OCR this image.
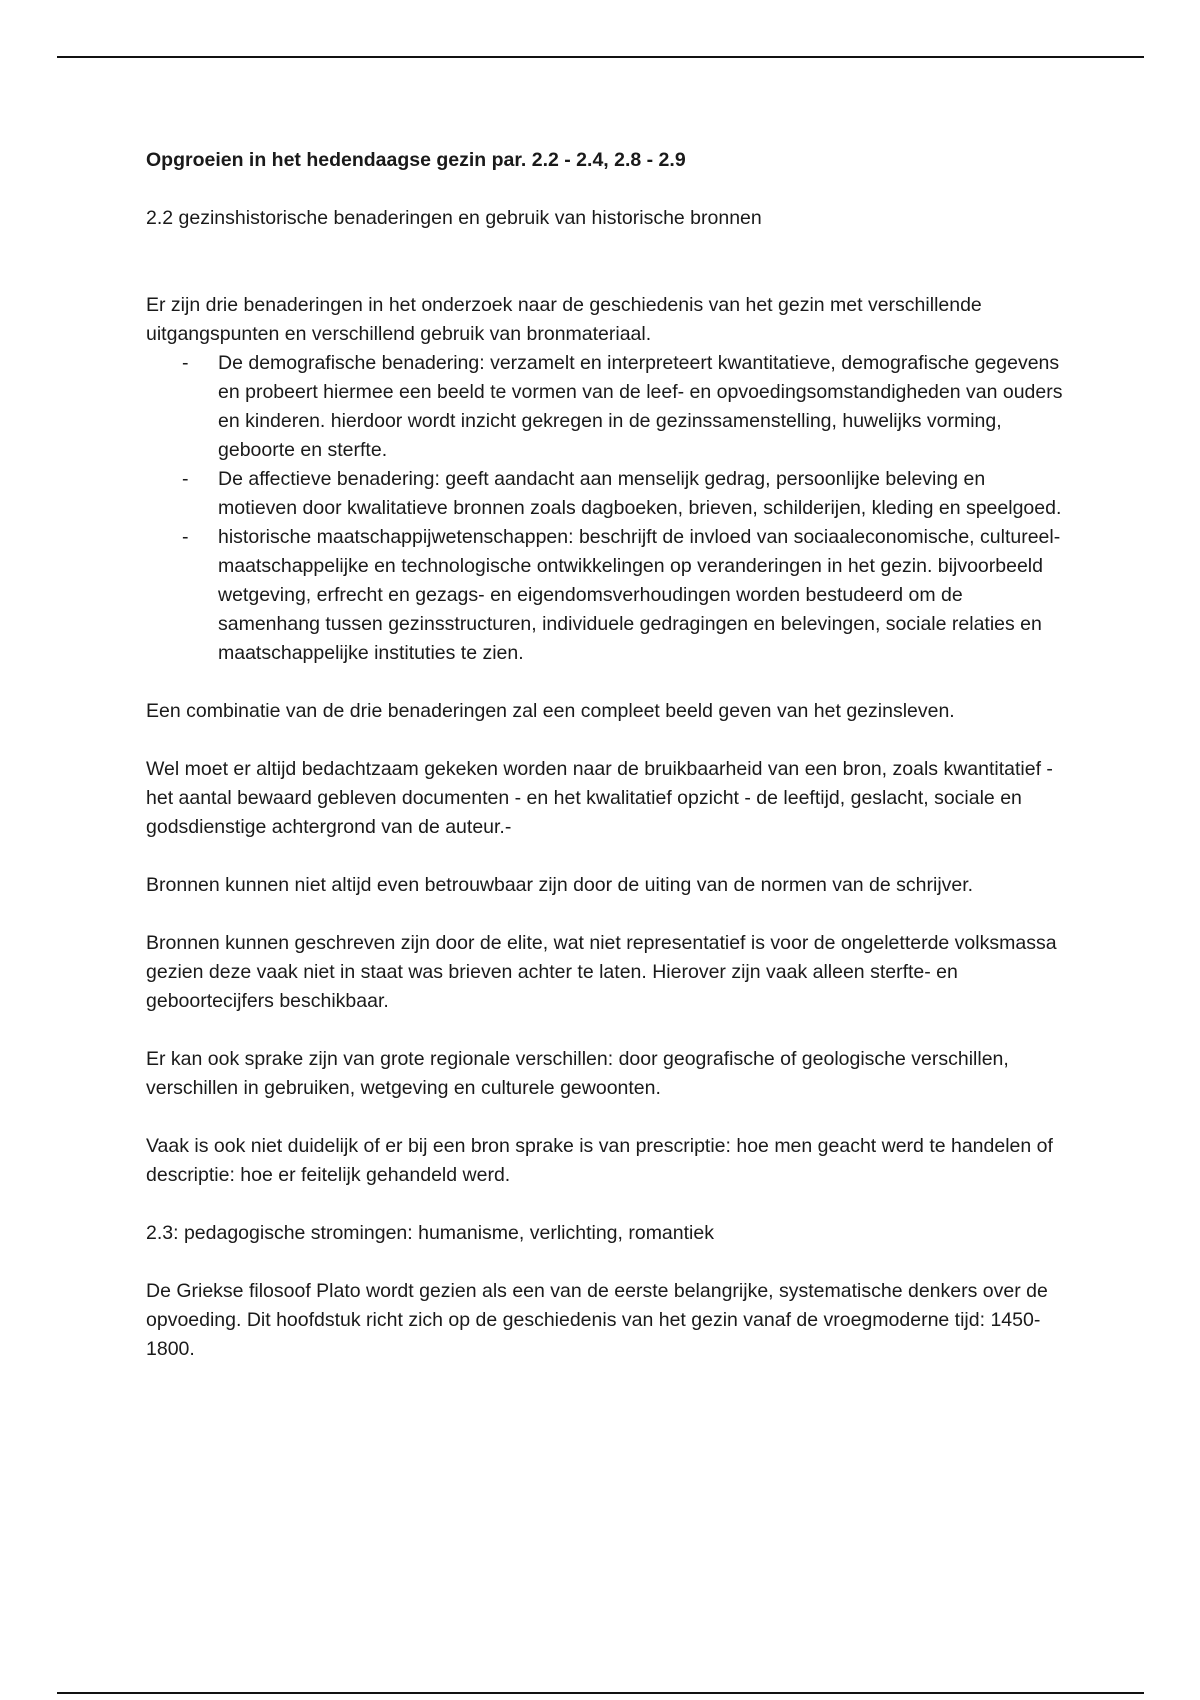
Opgroeien in het hedendaagse gezin par. 2.2 - 2.4, 2.8 - 2.9

2.2 gezinshistorische benaderingen en gebruik van historische bronnen

Er zijn drie benaderingen in het onderzoek naar de geschiedenis van het gezin met verschillende uitgangspunten en verschillend gebruik van bronmateriaal.

- De demografische benadering: verzamelt en interpreteert kwantitatieve, demografische gegevens en probeert hiermee een beeld te vormen van de leef- en opvoedingsomstandigheden van ouders en kinderen. hierdoor wordt inzicht gekregen in de gezinssamenstelling, huwelijks vorming, geboorte en sterfte.
- De affectieve benadering: geeft aandacht aan menselijk gedrag, persoonlijke beleving en motieven door kwalitatieve bronnen zoals dagboeken, brieven, schilderijen, kleding en speelgoed.
- historische maatschappijwetenschappen: beschrijft de invloed van sociaaleconomische, cultureel-maatschappelijke en technologische ontwikkelingen op veranderingen in het gezin. bijvoorbeeld wetgeving, erfrecht en gezags- en eigendomsverhoudingen worden bestudeerd om de samenhang tussen gezinsstructuren, individuele gedragingen en belevingen, sociale relaties en maatschappelijke instituties te zien.

Een combinatie van de drie benaderingen zal een compleet beeld geven van het gezinsleven.

Wel moet er altijd bedachtzaam gekeken worden naar de bruikbaarheid van een bron, zoals kwantitatief - het aantal bewaard gebleven documenten - en het kwalitatief opzicht - de leeftijd, geslacht, sociale en godsdienstige achtergrond van de auteur.-

Bronnen kunnen niet altijd even betrouwbaar zijn door de uiting van de normen van de schrijver.

Bronnen kunnen geschreven zijn door de elite, wat niet representatief is voor de ongeletterde volksmassa gezien deze vaak niet in staat was brieven achter te laten. Hierover zijn vaak alleen sterfte- en geboortecijfers beschikbaar.

Er kan ook sprake zijn van grote regionale verschillen: door geografische of geologische verschillen, verschillen in gebruiken, wetgeving en culturele gewoonten.

Vaak is ook niet duidelijk of er bij een bron sprake is van prescriptie: hoe men geacht werd te handelen of descriptie: hoe er feitelijk gehandeld werd.

2.3: pedagogische stromingen: humanisme, verlichting, romantiek

De Griekse filosoof Plato wordt gezien als een van de eerste belangrijke, systematische denkers over de opvoeding. Dit hoofdstuk richt zich op de geschiedenis van het gezin vanaf de vroegmoderne tijd: 1450-1800.
